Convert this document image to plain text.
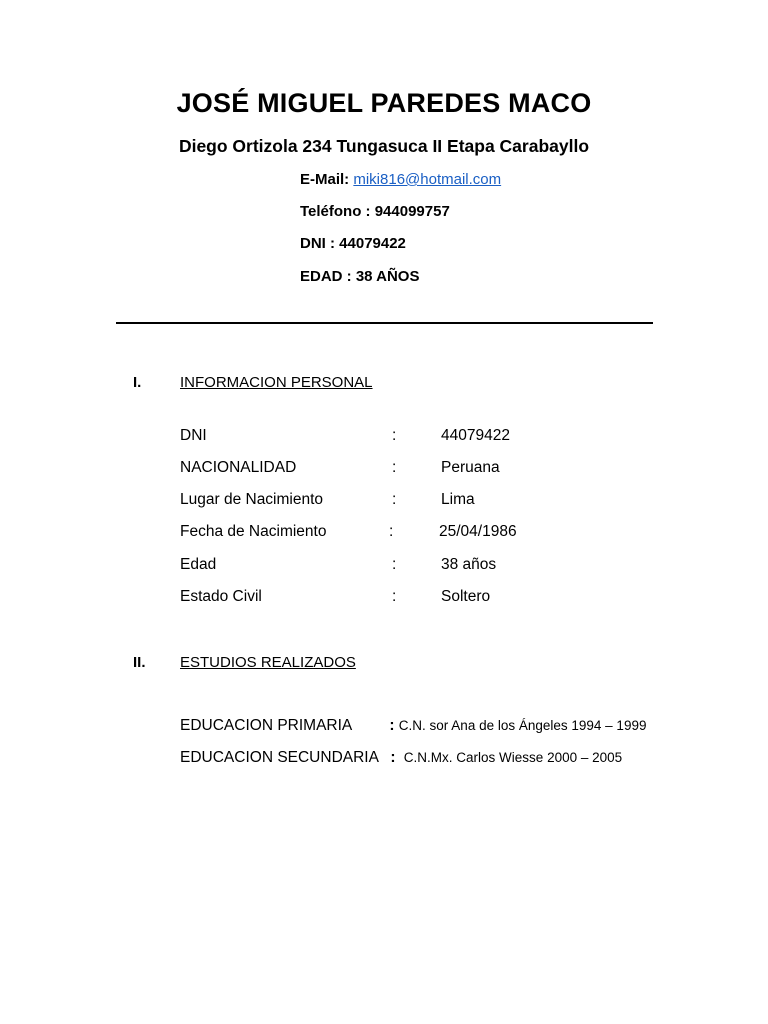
JOSÉ MIGUEL PAREDES MACO
Diego Ortizola 234 Tungasuca II Etapa Carabayllo
E-Mail: miki816@hotmail.com
Teléfono : 944099757
DNI : 44079422
EDAD : 38 AÑOS
I.	INFORMACION PERSONAL
DNI	:	44079422
NACIONALIDAD	:	Peruana
Lugar de Nacimiento	:	Lima
Fecha de Nacimiento	:	25/04/1986
Edad	:	38 años
Estado Civil	:	Soltero
II. ESTUDIOS REALIZADOS
EDUCACION PRIMARIA : C.N. sor Ana de los Ángeles 1994 – 1999
EDUCACION SECUNDARIA : C.N.Mx. Carlos Wiesse 2000 – 2005
